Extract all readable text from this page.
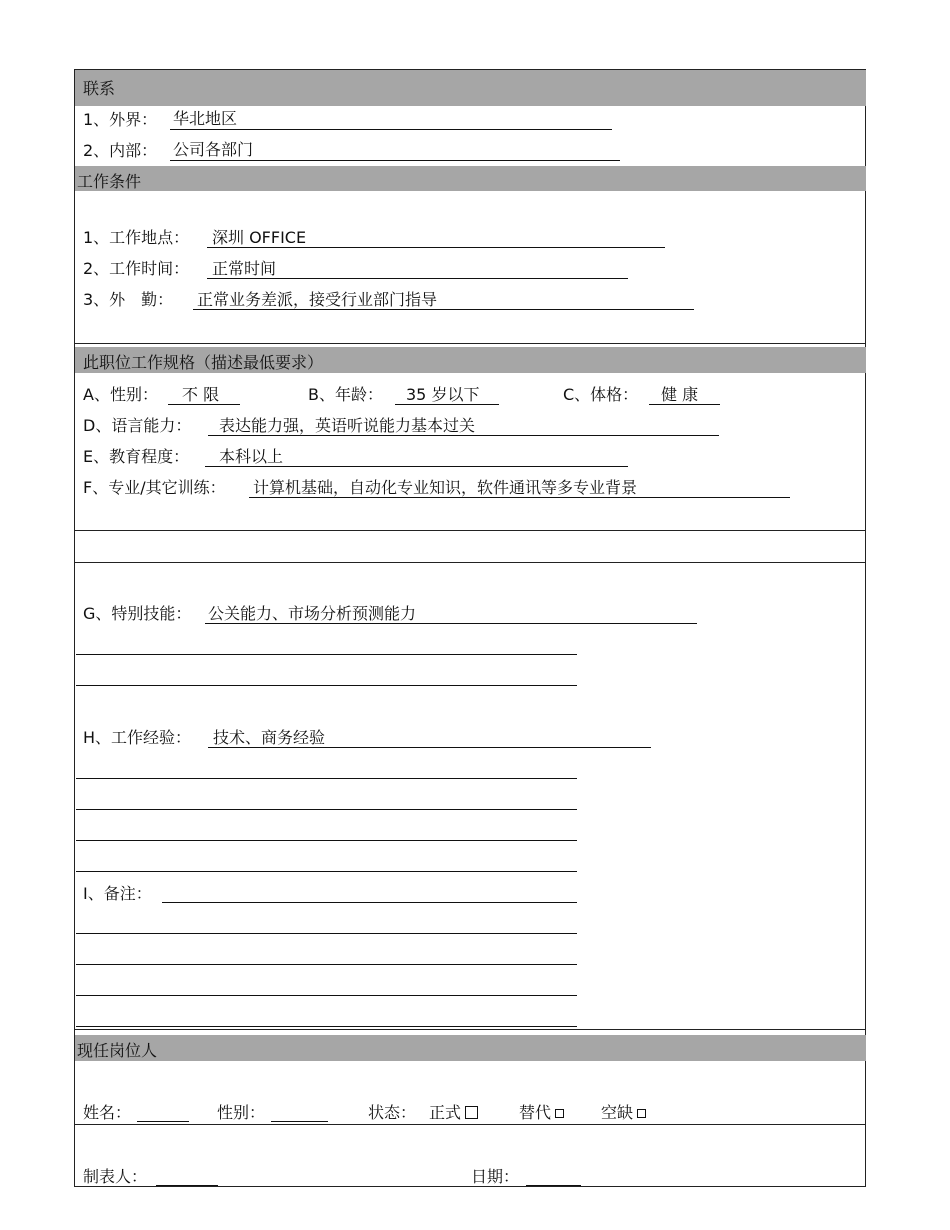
联系
1、外界： 华北地区
2、内部： 公司各部门
工作条件
1、工作地点： 深圳 OFFICE
2、工作时间： 正常时间
3、外　勤： 正常业务差派，接受行业部门指导
此职位工作规格（描述最低要求）
A、性别： 不 限	B、年龄： 35 岁以下	C、体格： 健 康
D、语言能力： 表达能力强，英语听说能力基本过关
E、教育程度： 本科以上
F、专业/其它训练： 计算机基础，自动化专业知识，软件通讯等多专业背景
G、特别技能： 公关能力、市场分析预测能力
H、工作经验： 技术、商务经验
I、备注：
现任岗位人
姓名：	性别：	状态： 正式	替代	空缺
制表人：	日期：
